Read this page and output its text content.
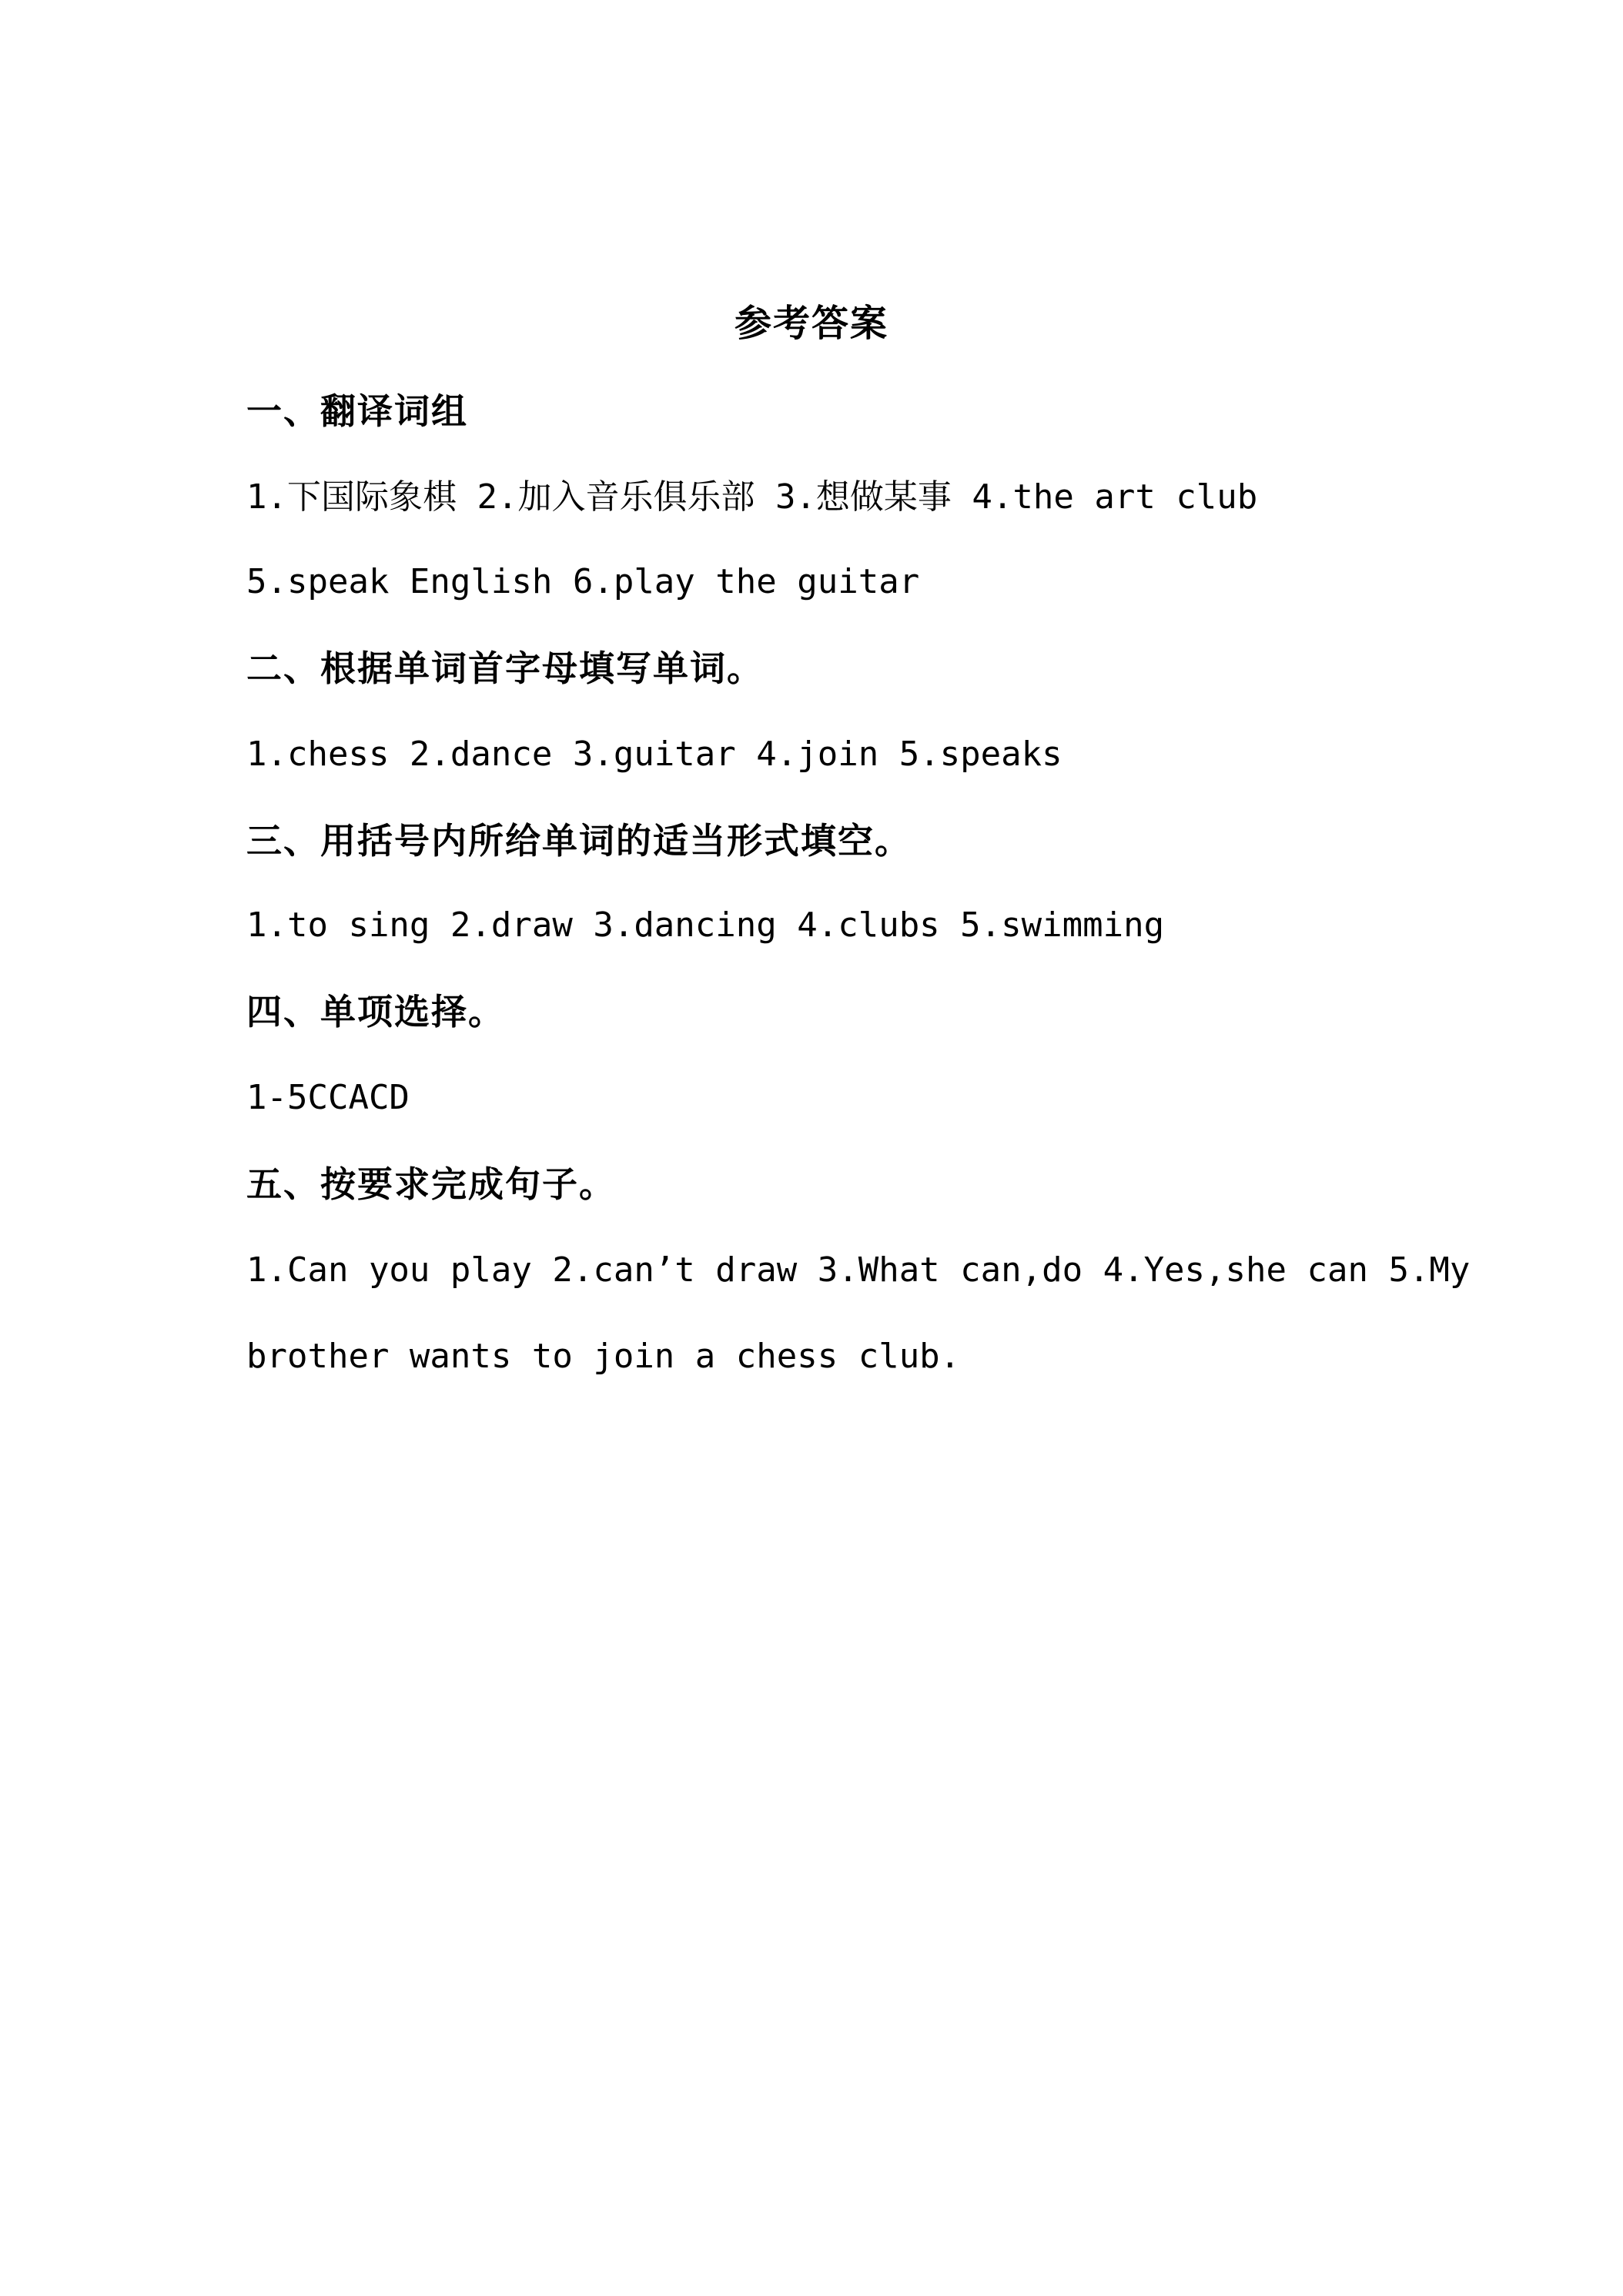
参考答案
一、翻译词组
1.下国际象棋 2.加入音乐俱乐部 3.想做某事 4.the art club
5.speak English 6.play the guitar
二、根据单词首字母填写单词。
1.chess 2.dance 3.guitar 4.join 5.speaks
三、用括号内所给单词的适当形式填空。
1.to sing 2.draw 3.dancing 4.clubs 5.swimming
四、单项选择。
1-5CCACD
五、按要求完成句子。
1.Can you play 2.can’t draw 3.What can,do 4.Yes,she can 5.My
brother wants to join a chess club.
